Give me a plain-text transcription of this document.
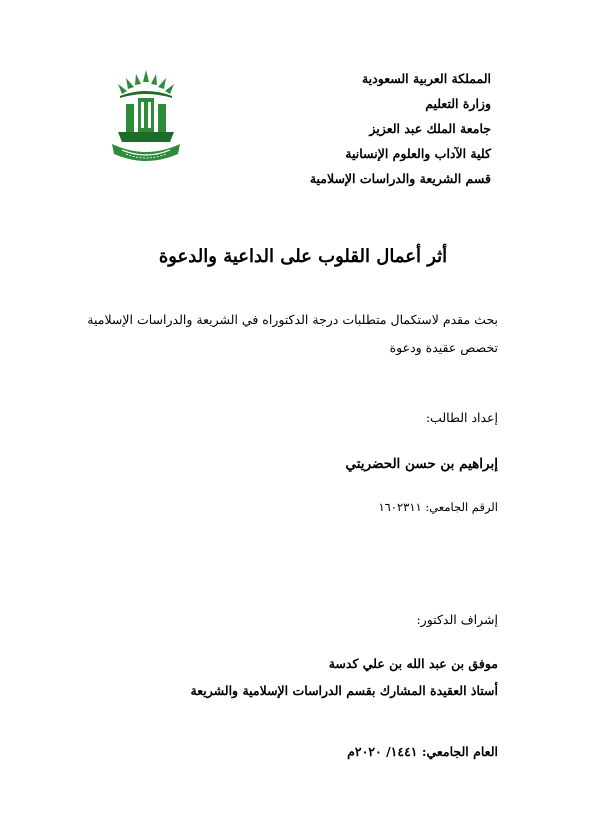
المملكة العربية السعودية
وزارة التعليم
جامعة الملك عبد العزيز
كلية الآداب والعلوم الإنسانية
قسم الشريعة والدراسات الإسلامية
أثر أعمال القلوب على الداعية والدعوة
بحث مقدم لاستكمال متطلبات درجة الدكتوراه في الشريعة والدراسات الإسلامية
تخصص عقيدة ودعوة
إعداد الطالب:
إبراهيم بن حسن الحضريتي
الرقم الجامعي: ١٦٠٢٣١١
إشراف الدكتور:
موفق بن عبد الله بن علي كدسة
أستاذ العقيدة المشارك بقسم الدراسات الإسلامية والشريعة
العام الجامعي: ١٤٤١/ ٢٠٢٠م
